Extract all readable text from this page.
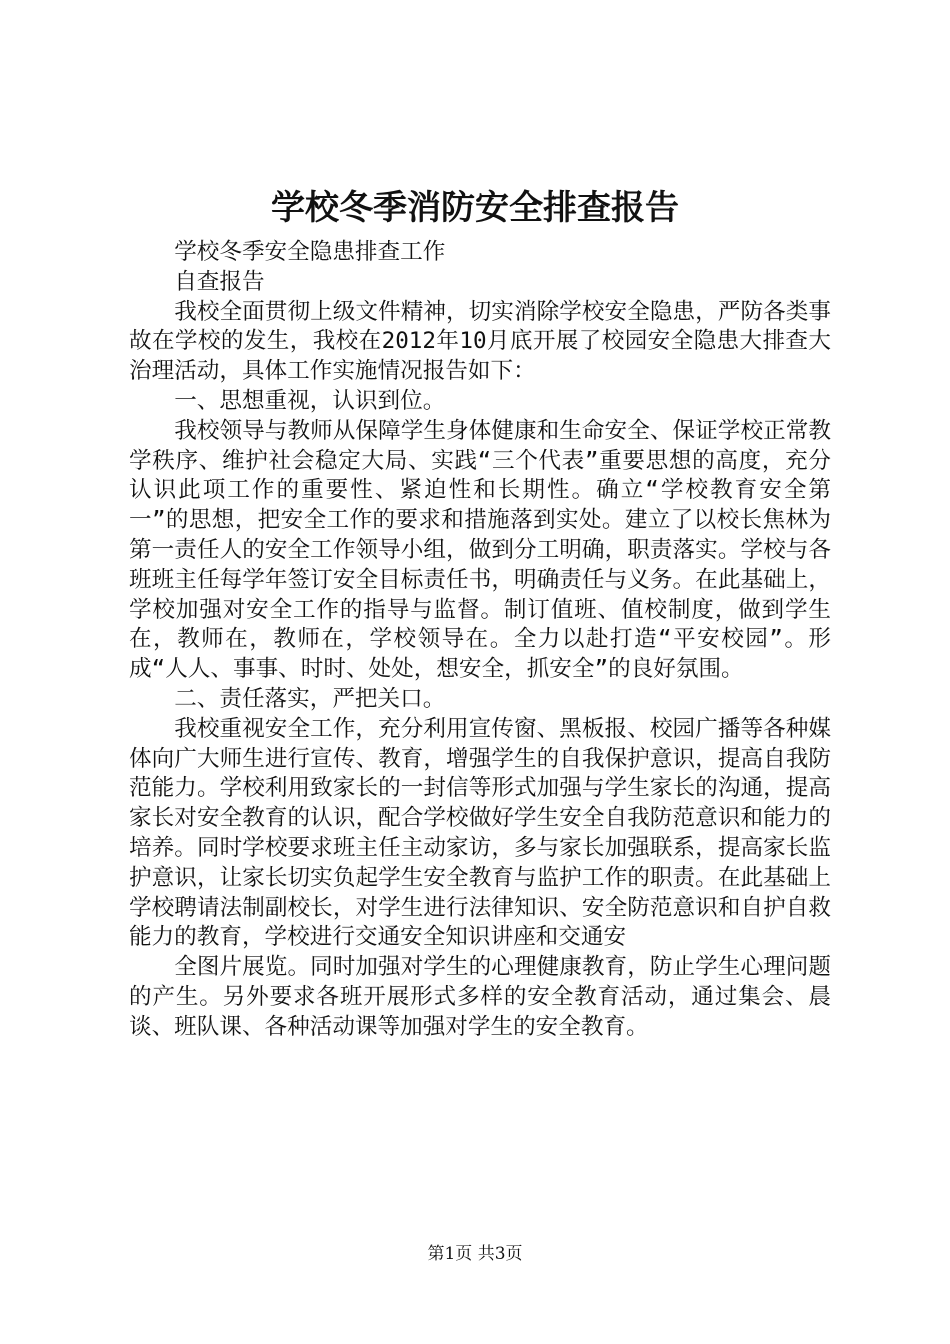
学校冬季消防安全排查报告

学校冬季安全隐患排查工作

自查报告

我校全面贯彻上级文件精神，切实消除学校安全隐患，严防各类事故在学校的发生，我校在2012年10月底开展了校园安全隐患大排查大治理活动，具体工作实施情况报告如下：

一、思想重视，认识到位。

我校领导与教师从保障学生身体健康和生命安全、保证学校正常教学秩序、维护社会稳定大局、实践“三个代表”重要思想的高度，充分认识此项工作的重要性、紧迫性和长期性。确立“学校教育安全第一”的思想，把安全工作的要求和措施落到实处。建立了以校长焦林为第一责任人的安全工作领导小组，做到分工明确，职责落实。学校与各班班主任每学年签订安全目标责任书，明确责任与义务。在此基础上，学校加强对安全工作的指导与监督。制订值班、值校制度，做到学生在，教师在，教师在，学校领导在。全力以赴打造“平安校园”。形成“人人、事事、时时、处处，想安全，抓安全”的良好氛围。

二、责任落实，严把关口。

我校重视安全工作，充分利用宣传窗、黑板报、校园广播等各种媒体向广大师生进行宣传、教育，增强学生的自我保护意识，提高自我防范能力。学校利用致家长的一封信等形式加强与学生家长的沟通，提高家长对安全教育的认识，配合学校做好学生安全自我防范意识和能力的培养。同时学校要求班主任主动家访，多与家长加强联系，提高家长监护意识，让家长切实负起学生安全教育与监护工作的职责。在此基础上学校聘请法制副校长，对学生进行法律知识、安全防范意识和自护自救能力的教育，学校进行交通安全知识讲座和交通安

全图片展览。同时加强对学生的心理健康教育，防止学生心理问题的产生。另外要求各班开展形式多样的安全教育活动，通过集会、晨谈、班队课、各种活动课等加强对学生的安全教育。

第1页 共3页
